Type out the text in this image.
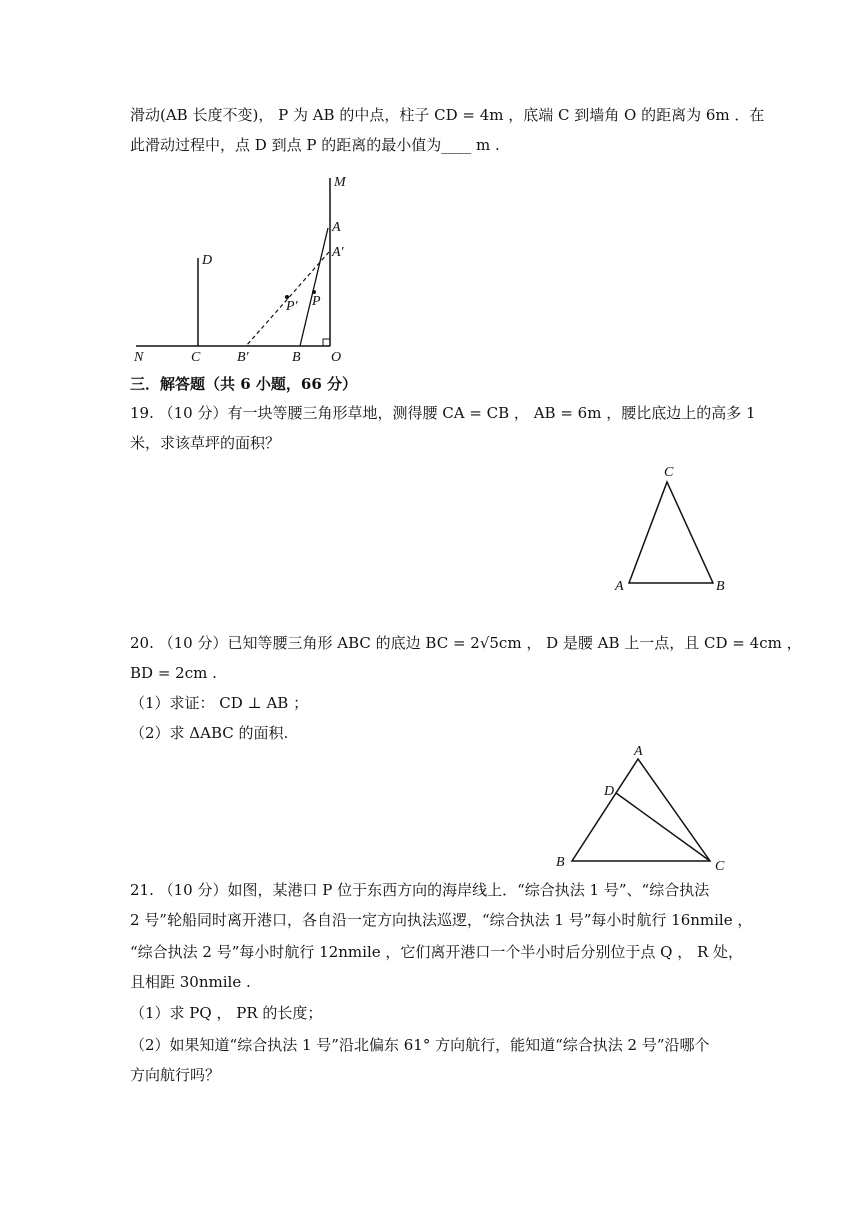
滑动(AB 长度不变)， P 为 AB 的中点，柱子 CD = 4m ，底端 C 到墙角 O 的距离为 6m ．在
此滑动过程中，点 D 到点 P 的距离的最小值为____ m .
M
A
A′
D
P
P′
N	C	B′	B O
三．解答题（共 6 小题，66 分）
19. （10 分）有一块等腰三角形草地，测得腰 CA = CB ， AB = 6m ，腰比底边上的高多 1
米，求该草坪的面积？
C
A	B
20. （10 分）已知等腰三角形 ABC 的底边 BC = 2√5cm ， D 是腰 AB 上一点，且 CD = 4cm ，
BD = 2cm .
（1）求证： CD ⊥ AB ；
（2）求 ΔABC 的面积.
A
D
B	C
21. （10 分）如图，某港口 P 位于东西方向的海岸线上．“综合执法 1 号”、“综合执法
2 号”轮船同时离开港口，各自沿一定方向执法巡逻，“综合执法 1 号”每小时航行 16nmile ，
“综合执法 2 号”每小时航行 12nmile ，它们离开港口一个半小时后分别位于点 Q ， R 处，
且相距 30nmile .
（1）求 PQ ， PR 的长度；
（2）如果知道“综合执法 1 号”沿北偏东 61° 方向航行，能知道“综合执法 2 号”沿哪个
方向航行吗？
